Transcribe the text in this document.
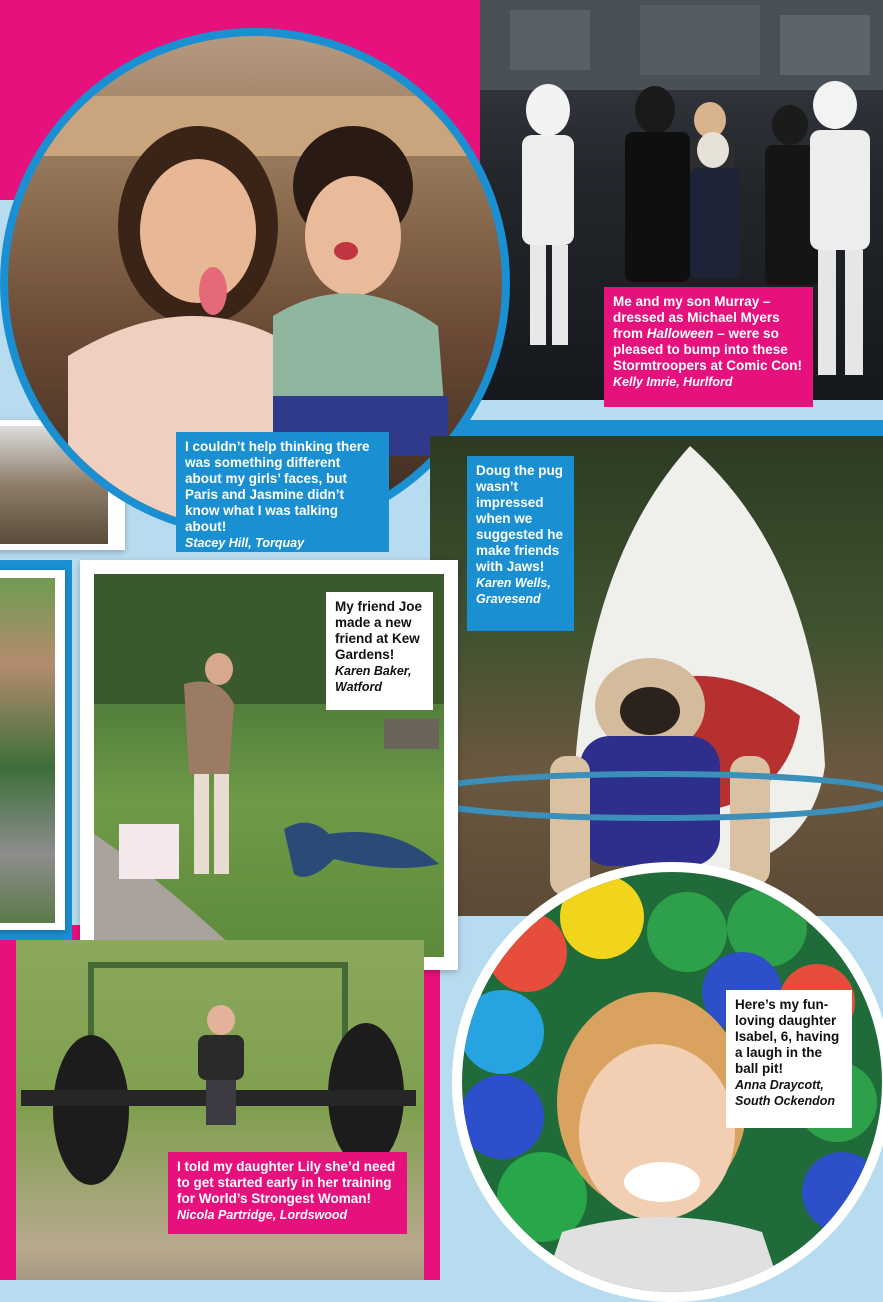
Me and my son Murray – dressed as Michael Myers from Halloween – were so pleased to bump into these Stormtroopers at Comic Con!
Kelly Imrie, Hurlford
I couldn’t help thinking there was something different about my girls’ faces, but Paris and Jasmine didn’t know what I was talking about!
Stacey Hill, Torquay
Doug the pug wasn’t impressed when we suggested he make friends with Jaws!
Karen Wells, Gravesend
My friend Joe made a new friend at Kew Gardens!
Karen Baker, Watford
I told my daughter Lily she’d need to get started early in her training for World’s Strongest Woman!
Nicola Partridge, Lordswood
Here’s my fun-loving daughter Isabel, 6, having a laugh in the ball pit!
Anna Draycott, South Ockendon
